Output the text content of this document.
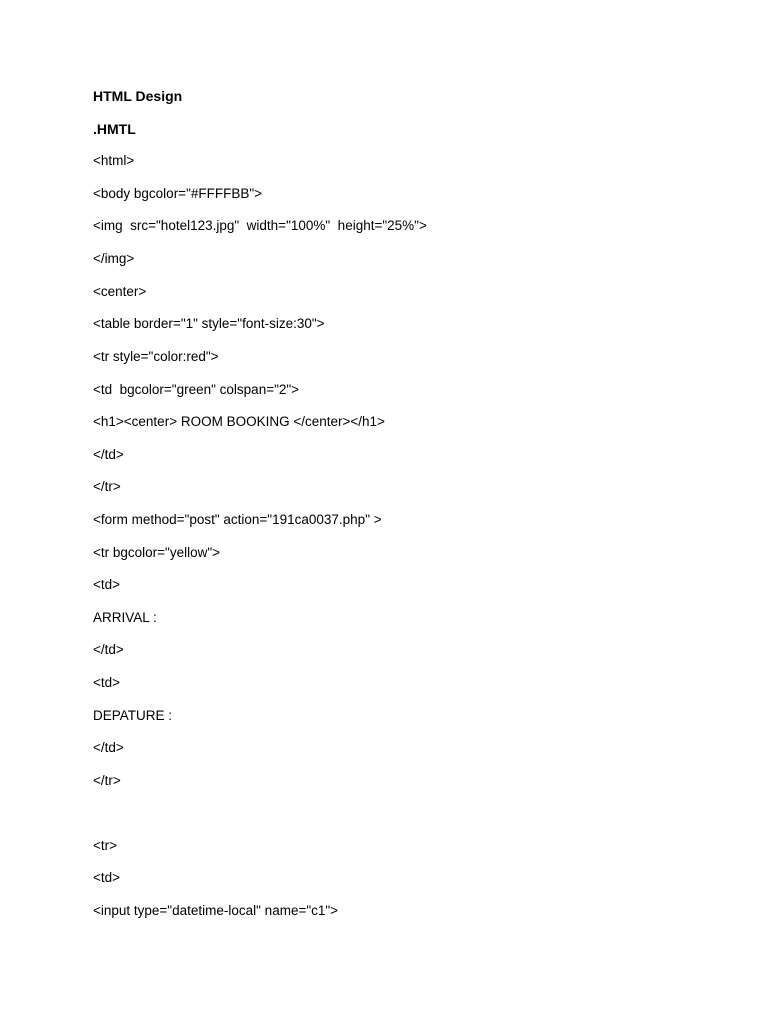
HTML Design

.HMTL

<html>

<body bgcolor="#FFFFBB">

<img  src="hotel123.jpg"  width="100%"  height="25%">

</img>

<center>

<table border="1" style="font-size:30">

<tr style="color:red">

<td  bgcolor="green" colspan="2">

<h1><center> ROOM BOOKING </center></h1>

</td>

</tr>

<form method="post" action="191ca0037.php" >

<tr bgcolor="yellow">

<td>

ARRIVAL :

</td>

<td>

DEPATURE :

</td>

</tr>

<tr>

<td>

<input type="datetime-local" name="c1">
